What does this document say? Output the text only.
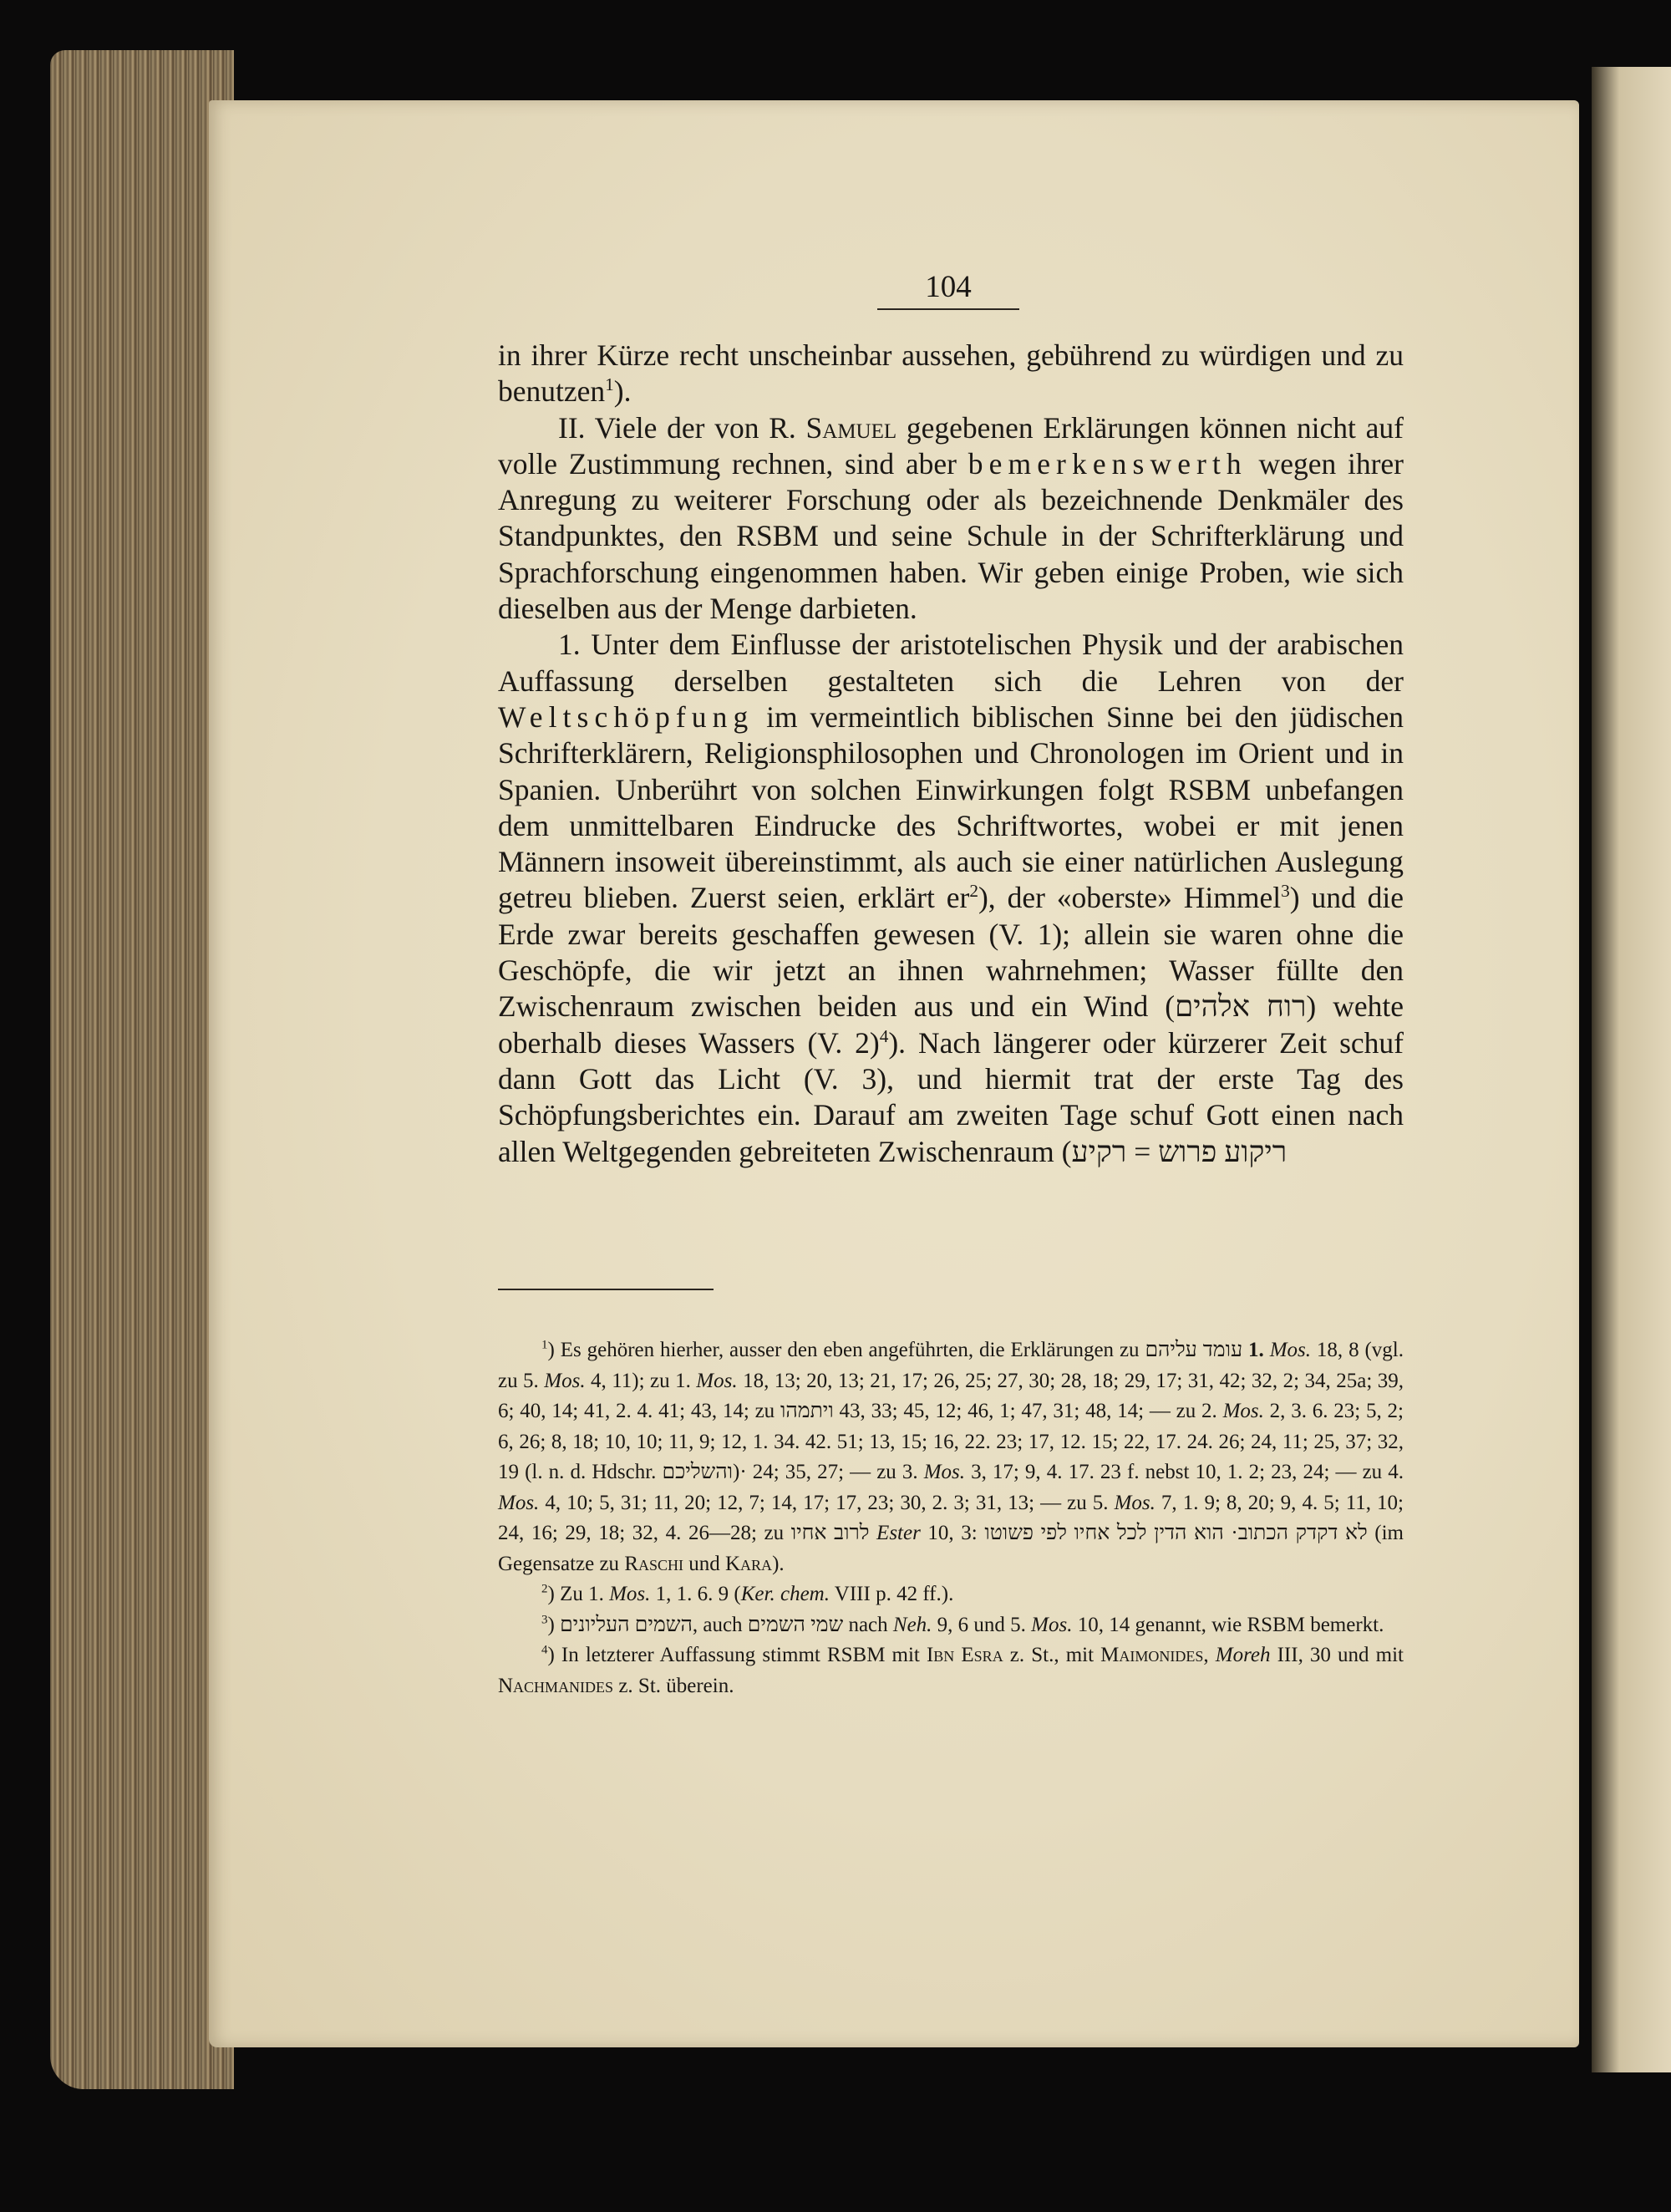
104

in ihrer Kürze recht unscheinbar aussehen, gebührend zu würdigen und zu benutzen$^1$).

II. Viele der von R. Samuel gegebenen Erklärungen können nicht auf volle Zustimmung rechnen, sind aber bemerkenswerth wegen ihrer Anregung zu weiterer Forschung oder als bezeichnende Denkmäler des Standpunktes, den RSBM und seine Schule in der Schrifterklärung und Sprachforschung eingenommen haben. Wir geben einige Proben, wie sich dieselben aus der Menge darbieten.

1. Unter dem Einflusse der aristotelischen Physik und der arabischen Auffassung derselben gestalteten sich die Lehren von der Weltschöpfung im vermeintlich biblischen Sinne bei den jüdischen Schrifterklärern, Religionsphilosophen und Chronologen im Orient und in Spanien. Unberührt von solchen Einwirkungen folgt RSBM unbefangen dem unmittelbaren Eindrucke des Schriftwortes, wobei er mit jenen Männern insoweit übereinstimmt, als auch sie einer natürlichen Auslegung getreu blieben. Zuerst seien, erklärt $er^2$), der «oberste» Himmel$^3$) und die Erde zwar bereits geschaffen gewesen (V. 1); allein sie waren ohne die Geschöpfe, die wir jetzt an ihnen wahrnehmen; Wasser füllte den Zwischenraum zwischen beiden aus und ein Wind (רוח אלהים) wehte oberhalb dieses Wassers (V. 2)$^4$). Nach längerer oder kürzerer Zeit schuf dann Gott das Licht (V. 3), und hiermit trat der erste Tag des Schöpfungsberichtes ein. Darauf am zweiten Tage schuf Gott einen nach allen Weltgegenden gebreiteten Zwischenraum (רקיע = ריקוע פרוש

$^1$) Es gehören hierher, ausser den eben angeführten, die Erklärungen zu עומד עליהם 1. Mos. 18, 8 (vgl. zu 5. Mos. 4, 11); zu 1. Mos. 18, 13; 20, 13; 21, 17; 26, 25; 27, 30; 28, 18; 29, 17; 31, 42; 32, 2; 34, 25a; 39, 6; 40, 14; 41, 2. 4. 41; 43, 14; zu ויתמהו 43, 33; 45, 12; 46, 1; 47, 31; 48, 14; — zu 2. Mos. 2, 3. 6. 23; 5, 2; 6, 26; 8, 18; 10, 10; 11, 9; 12, 1. 34. 42. 51; 13, 15; 16, 22. 23; 17, 12. 15; 22, 17. 24. 26; 24, 11; 25, 37; 32, 19 (l. n. d. Hdschr. והשליכם)· 24; 35, 27; — zu 3. Mos. 3, 17; 9, 4. 17. 23 f. nebst 10, 1. 2; 23, 24; — zu 4. Mos. 4, 10; 5, 31; 11, 20; 12, 7; 14, 17; 17, 23; 30, 2. 3; 31, 13; — zu 5. Mos. 7, 1. 9; 8, 20; 9, 4. 5; 11, 10; 24, 16; 29, 18; 32, 4. 26—28; zu לרוב אחיו Ester 10, 3: לא דקדק הכתוב· הוא הדין לכל אחיו לפי פשוטו (im Gegensatze zu Raschi und Kara).

$^2$) Zu 1. Mos. 1, 1. 6. 9 (Ker. chem. VIII p. 42 ff.).

$^3$) השמים העליונים, auch שמי השמים nach Neh. 9, 6 und 5. Mos. 10, 14 genannt, wie RSBM bemerkt.

$^4$) In letzterer Auffassung stimmt RSBM mit Ibn Esra z. St., mit Maimonides, Moreh III, 30 und mit Nachmanides z. St. überein.
